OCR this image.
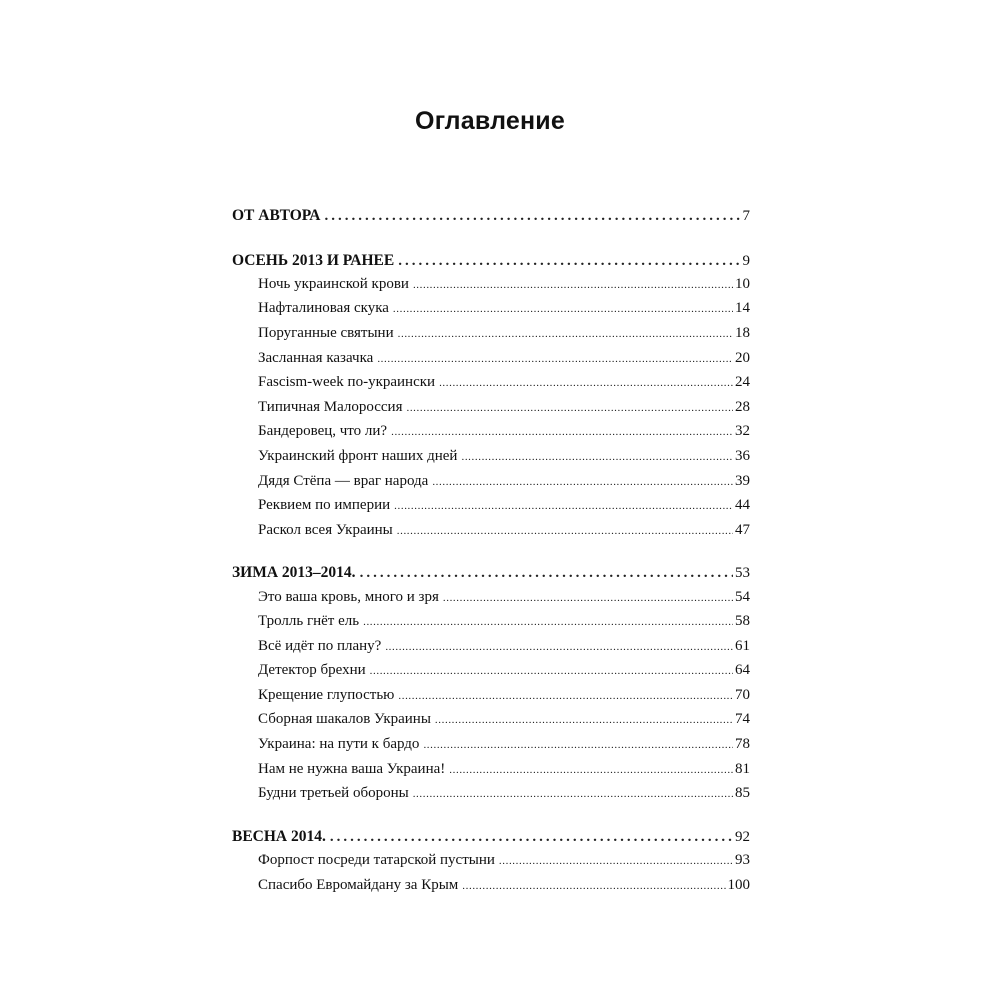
Оглавление
ОТ АВТОРА .....	7
ОСЕНЬ 2013 И РАНЕЕ .....	9
Ночь украинской крови .....	10
Нафталиновая скука .....	14
Поруганные святыни .....	18
Засланная казачка .....	20
Fascism-week по-украински .....	24
Типичная Малороссия .....	28
Бандеровец, что ли? .....	32
Украинский фронт наших дней .....	36
Дядя Стёпа — враг народа .....	39
Реквием по империи .....	44
Раскол всея Украины .....	47
ЗИМА 2013–2014. .....	53
Это ваша кровь, много и зря .....	54
Тролль гнёт ель .....	58
Всё идёт по плану? .....	61
Детектор брехни .....	64
Крещение глупостью .....	70
Сборная шакалов Украины .....	74
Украина: на пути к бардо .....	78
Нам не нужна ваша Украина! .....	81
Будни третьей обороны .....	85
ВЕСНА 2014. .....	92
Форпост посреди татарской пустыни .....	93
Спасибо Евромайдану за Крым .....	100
